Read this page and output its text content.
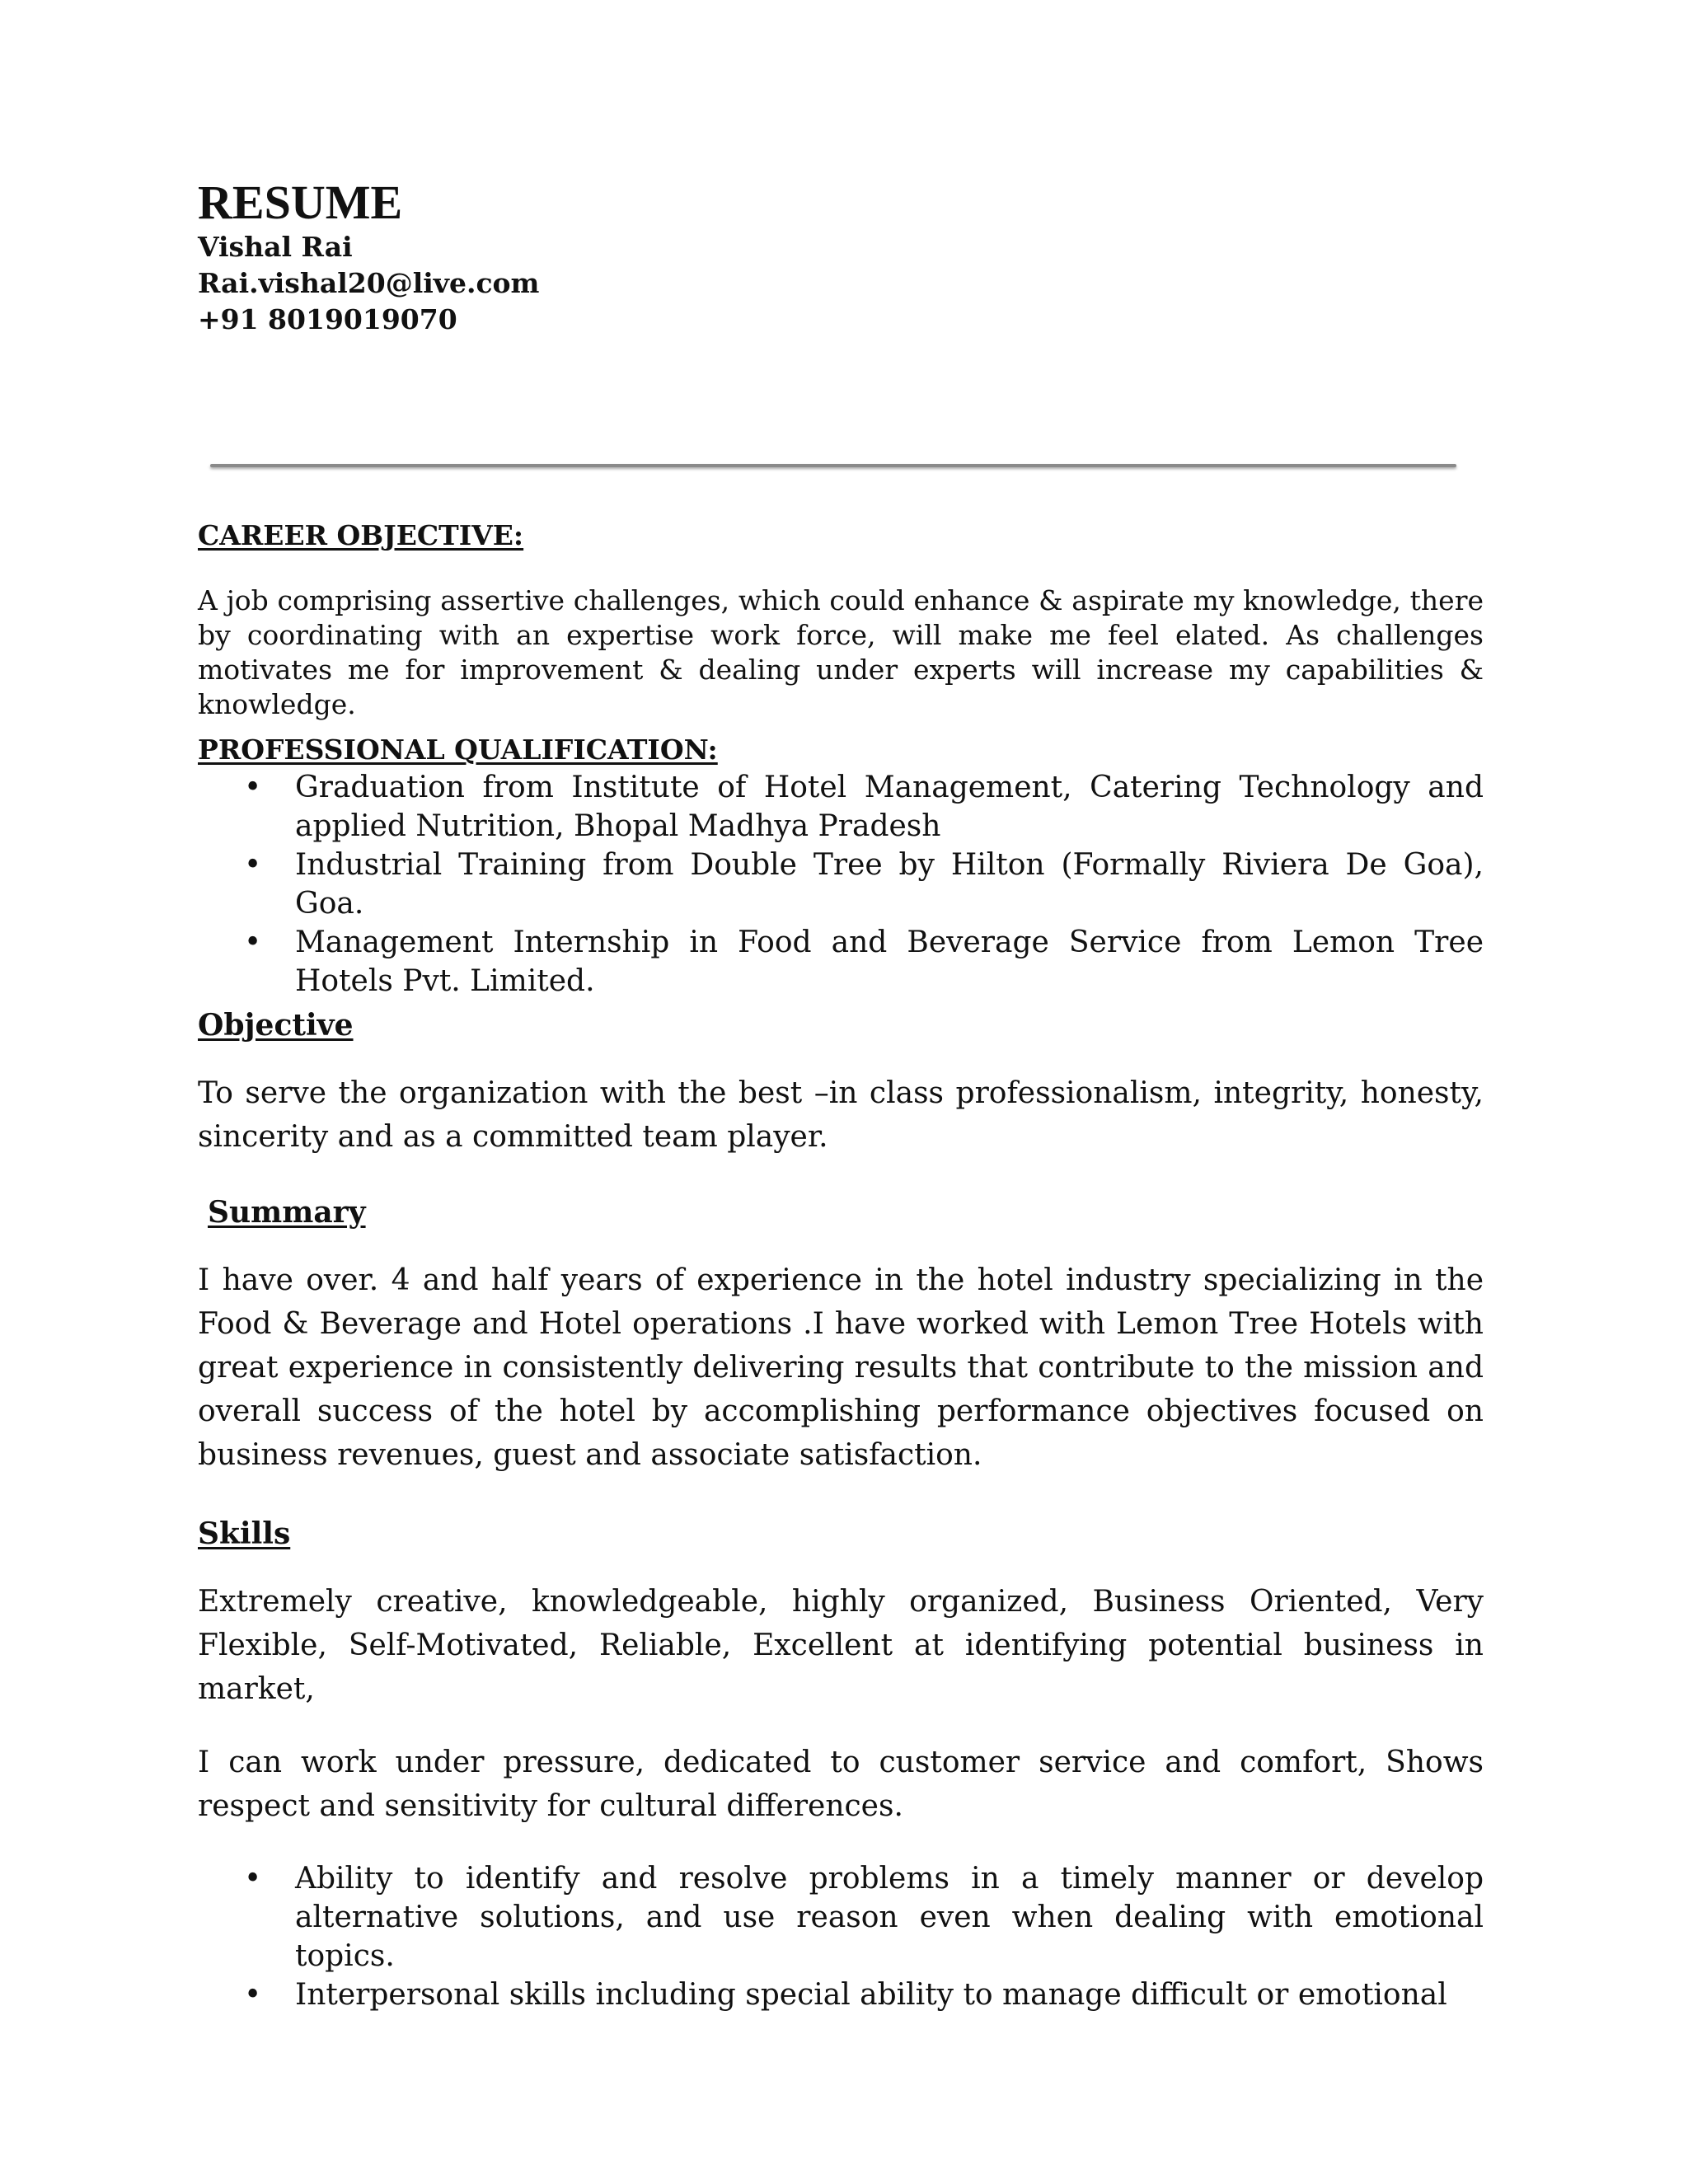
RESUME
Vishal Rai
Rai.vishal20@live.com
+91 8019019070
CAREER OBJECTIVE:

A job comprising assertive challenges, which could enhance & aspirate my knowledge, there by coordinating with an expertise work force, will make me feel elated. As challenges motivates me for improvement & dealing under experts will increase my capabilities & knowledge.

PROFESSIONAL QUALIFICATION:
• Graduation from Institute of Hotel Management, Catering Technology and applied Nutrition, Bhopal Madhya Pradesh
• Industrial Training from Double Tree by Hilton (Formally Riviera De Goa), Goa.
• Management Internship in Food and Beverage Service from Lemon Tree Hotels Pvt. Limited.
Objective

To serve the organization with the best –in class professionalism, integrity, honesty, sincerity and as a committed team player.

Summary

I have over. 4 and half years of experience in the hotel industry specializing in the Food & Beverage and Hotel operations .I have worked with Lemon Tree Hotels with great experience in consistently delivering results that contribute to the mission and overall success of the hotel by accomplishing performance objectives focused on business revenues, guest and associate satisfaction.

Skills

Extremely creative, knowledgeable, highly organized, Business Oriented, Very Flexible, Self-Motivated, Reliable, Excellent at identifying potential business in market,

I can work under pressure, dedicated to customer service and comfort, Shows respect and sensitivity for cultural differences.

• Ability to identify and resolve problems in a timely manner or develop alternative solutions, and use reason even when dealing with emotional topics.
• Interpersonal skills including special ability to manage difficult or emotional
